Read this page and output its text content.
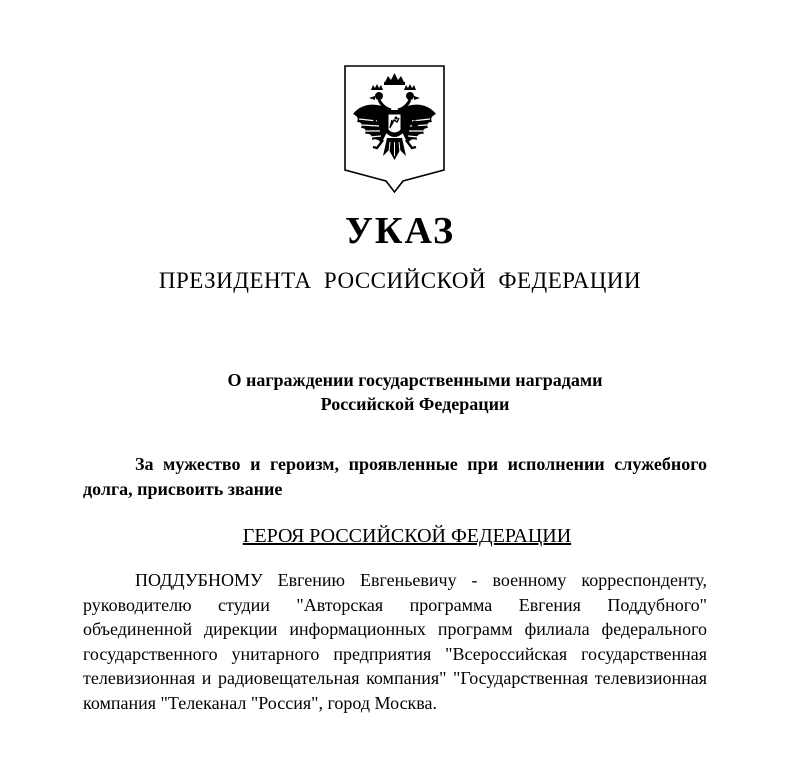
УКАЗ
ПРЕЗИДЕНТА РОССИЙСКОЙ ФЕДЕРАЦИИ
О награждении государственными наградами
Российской Федерации
За мужество и героизм, проявленные при исполнении служебного долга, присвоить звание
ГЕРОЯ РОССИЙСКОЙ ФЕДЕРАЦИИ
ПОДДУБНОМУ Евгению Евгеньевичу - военному корреспонденту, руководителю студии "Авторская программа Евгения Поддубного" объединенной дирекции информационных программ филиала федерального государственного унитарного предприятия "Всероссийская государственная телевизионная и радиовещательная компания" "Государственная телевизионная компания "Телеканал "Россия", город Москва.
